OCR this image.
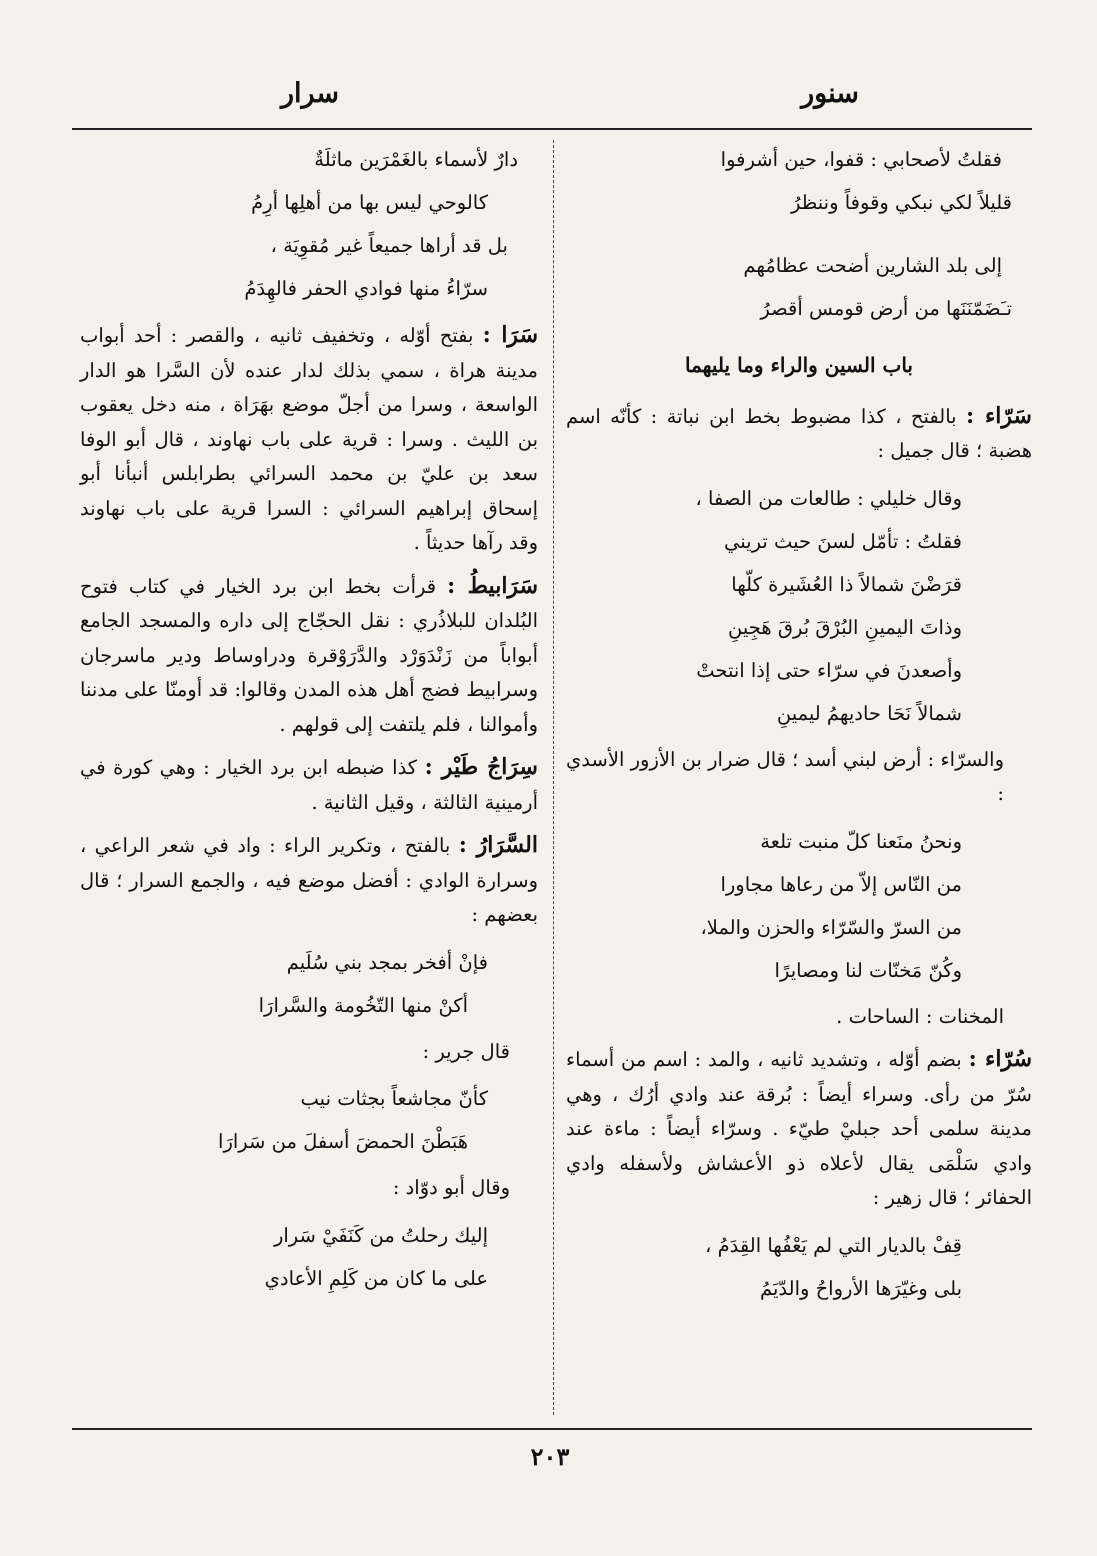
سنور
سرار
فقلتُ لأصحابي : قفوا، حين أشرفوا
قليلاً لكي نبكي وقوفاً وننظرُ
إلى بلد الشارين أضحت عظامُهم
تـَضَمّنَنَها من أرض قومس أقصرُ
باب السين والراء وما يليهما
سَرّاء : بالفتح ، كذا مضبوط بخط ابن نباتة : كأنّه اسم هضبة ؛ قال جميل :
وقال خليلي : طالعات من الصفا ،
فقلتُ : تأمّل لسنَ حيث تريني
قرَضْنَ شمالاً ذا العُشَيرة كلّها
وذاتَ اليمينِ البُرْقَ بُرقَ هَجِينِ
وأصعدنَ في سرّاء حتى إذا انتحتْ
شمالاً نَحَا حاديهمُ ليمينِ
والسرّاء : أرض لبني أسد ؛ قال ضرار بن الأزور الأسدي :
ونحنُ منَعنا كلّ منبت تلعة
من النّاس إلاّ من رعاها مجاورا
من السرّ والسّرّاء والحزن والملا،
وكُنّ مَخنّات لنا ومصايرًا
المخنات : الساحات .
سُرّاء : بضم أوّله ، وتشديد ثانيه ، والمد : اسم من أسماء سُرّ من رأى. وسراء أيضاً : بُرقة عند وادي أرُك ، وهي مدينة سلمى أحد جبليْ طيّء . وسرّاء أيضاً : ماءة عند وادي سَلْمَى يقال لأعلاه ذو الأعشاش ولأسفله وادي الحفائر ؛ قال زهير :
قِفْ بالديار التي لم يَعْفُها القِدَمُ ،
بلى وغيّرَها الأرواحُ والدّيَمُ
دارٌ لأسماء بالغَمْرَين ماثلَةٌ
كالوحي ليس بها من أهلِها أرِمُ
بل قد أراها جميعاً غير مُقوِيَة ،
سرّاءُ منها فوادي الحفر فالهِدَمُ
سَرَا : بفتح أوّله ، وتخفيف ثانيه ، والقصر : أحد أبواب مدينة هراة ، سمي بذلك لدار عنده لأن السَّرا هو الدار الواسعة ، وسرا من أجلّ موضع بهَرَاة ، منه دخل يعقوب بن الليث . وسرا : قرية على باب نهاوند ، قال أبو الوفا سعد بن عليّ بن محمد السرائي بطرابلس أنبأنا أبو إسحاق إبراهيم السرائي : السرا قرية على باب نهاوند وقد رآها حديثاً .
سَرَابيطُ : قرأت بخط ابن برد الخيار في كتاب فتوح البُلدان للبلاذُري : نقل الحجّاج إلى داره والمسجد الجامع أبواباً من زَنْدَوَرْد والدَّرَوْقرة ودراوساط ودير ماسرجان وسرابيط فضج أهل هذه المدن وقالوا: قد أومنّا على مدننا وأموالنا ، فلم يلتفت إلى قولهم .
سِرَاجُ طَيْر : كذا ضبطه ابن برد الخيار : وهي كورة في أرمينية الثالثة ، وقيل الثانية .
السَّرَارُ : بالفتح ، وتكرير الراء : واد في شعر الراعي ، وسرارة الوادي : أفضل موضع فيه ، والجمع السرار ؛ قال بعضهم :
فإنْ أفخر بمجد بني سُلَيم
أكنْ منها التّخُومة والسَّرارَا
قال جرير :
كأنّ مجاشعاً بجثات نيب
هَبَطْنَ الحمضَ أسفلَ من سَرارَا
وقال أبو دوّاد :
إليك رحلتُ من كَنَفَيْ سَرار
على ما كان من كَلِمِ الأعادي
٢٠٣
